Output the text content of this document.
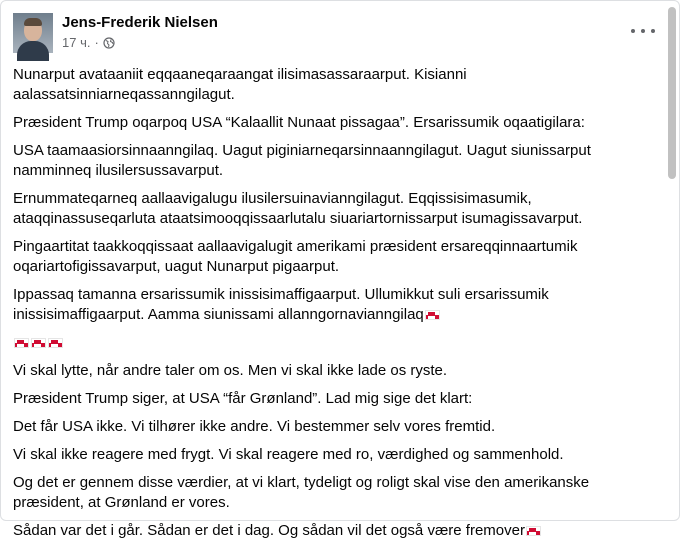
Jens-Frederik Nielsen
17 ч. ·

Nunarput avataaniit eqqaaneqaraangat ilisimasassaraarput. Kisianni aalassatsinniarneqassanngilagut.

Præsident Trump oqarpoq USA “Kalaallit Nunaat pissagaa”. Ersarissumik oqaatigilara:

USA taamaasiorsinnaanngilaq. Uagut piginiarneqarsinnaanngilagut. Uagut siunissarput namminneq ilusilersussavarput.

Ernummateqarneq aallaavigalugu ilusilersuinavianngilagut. Eqqissisimasumik, ataqqinassuseqarluta ataatsimooqqissaarlutalu siuariartornissarput isumagissavarput.

Pingaartitat taakkoqqissaat aallaavigalugit amerikami præsident ersareqqinnaartumik oqariartofigissavarput, uagut Nunarput pigaarput.

Ippassaq tamanna ersarissumik inissisimaffigaarput. Ullumikkut suli ersarissumik inissisimaffigaarput. Aamma siunissami allanngornavianngilaq

Vi skal lytte, når andre taler om os. Men vi skal ikke lade os ryste.

Præsident Trump siger, at USA “får Grønland”. Lad mig sige det klart:

Det får USA ikke. Vi tilhører ikke andre. Vi bestemmer selv vores fremtid.

Vi skal ikke reagere med frygt. Vi skal reagere med ro, værdighed og sammenhold.

Og det er gennem disse værdier, at vi klart, tydeligt og roligt skal vise den amerikanske præsident, at Grønland er vores.

Sådan var det i går. Sådan er det i dag. Og sådan vil det også være fremover
